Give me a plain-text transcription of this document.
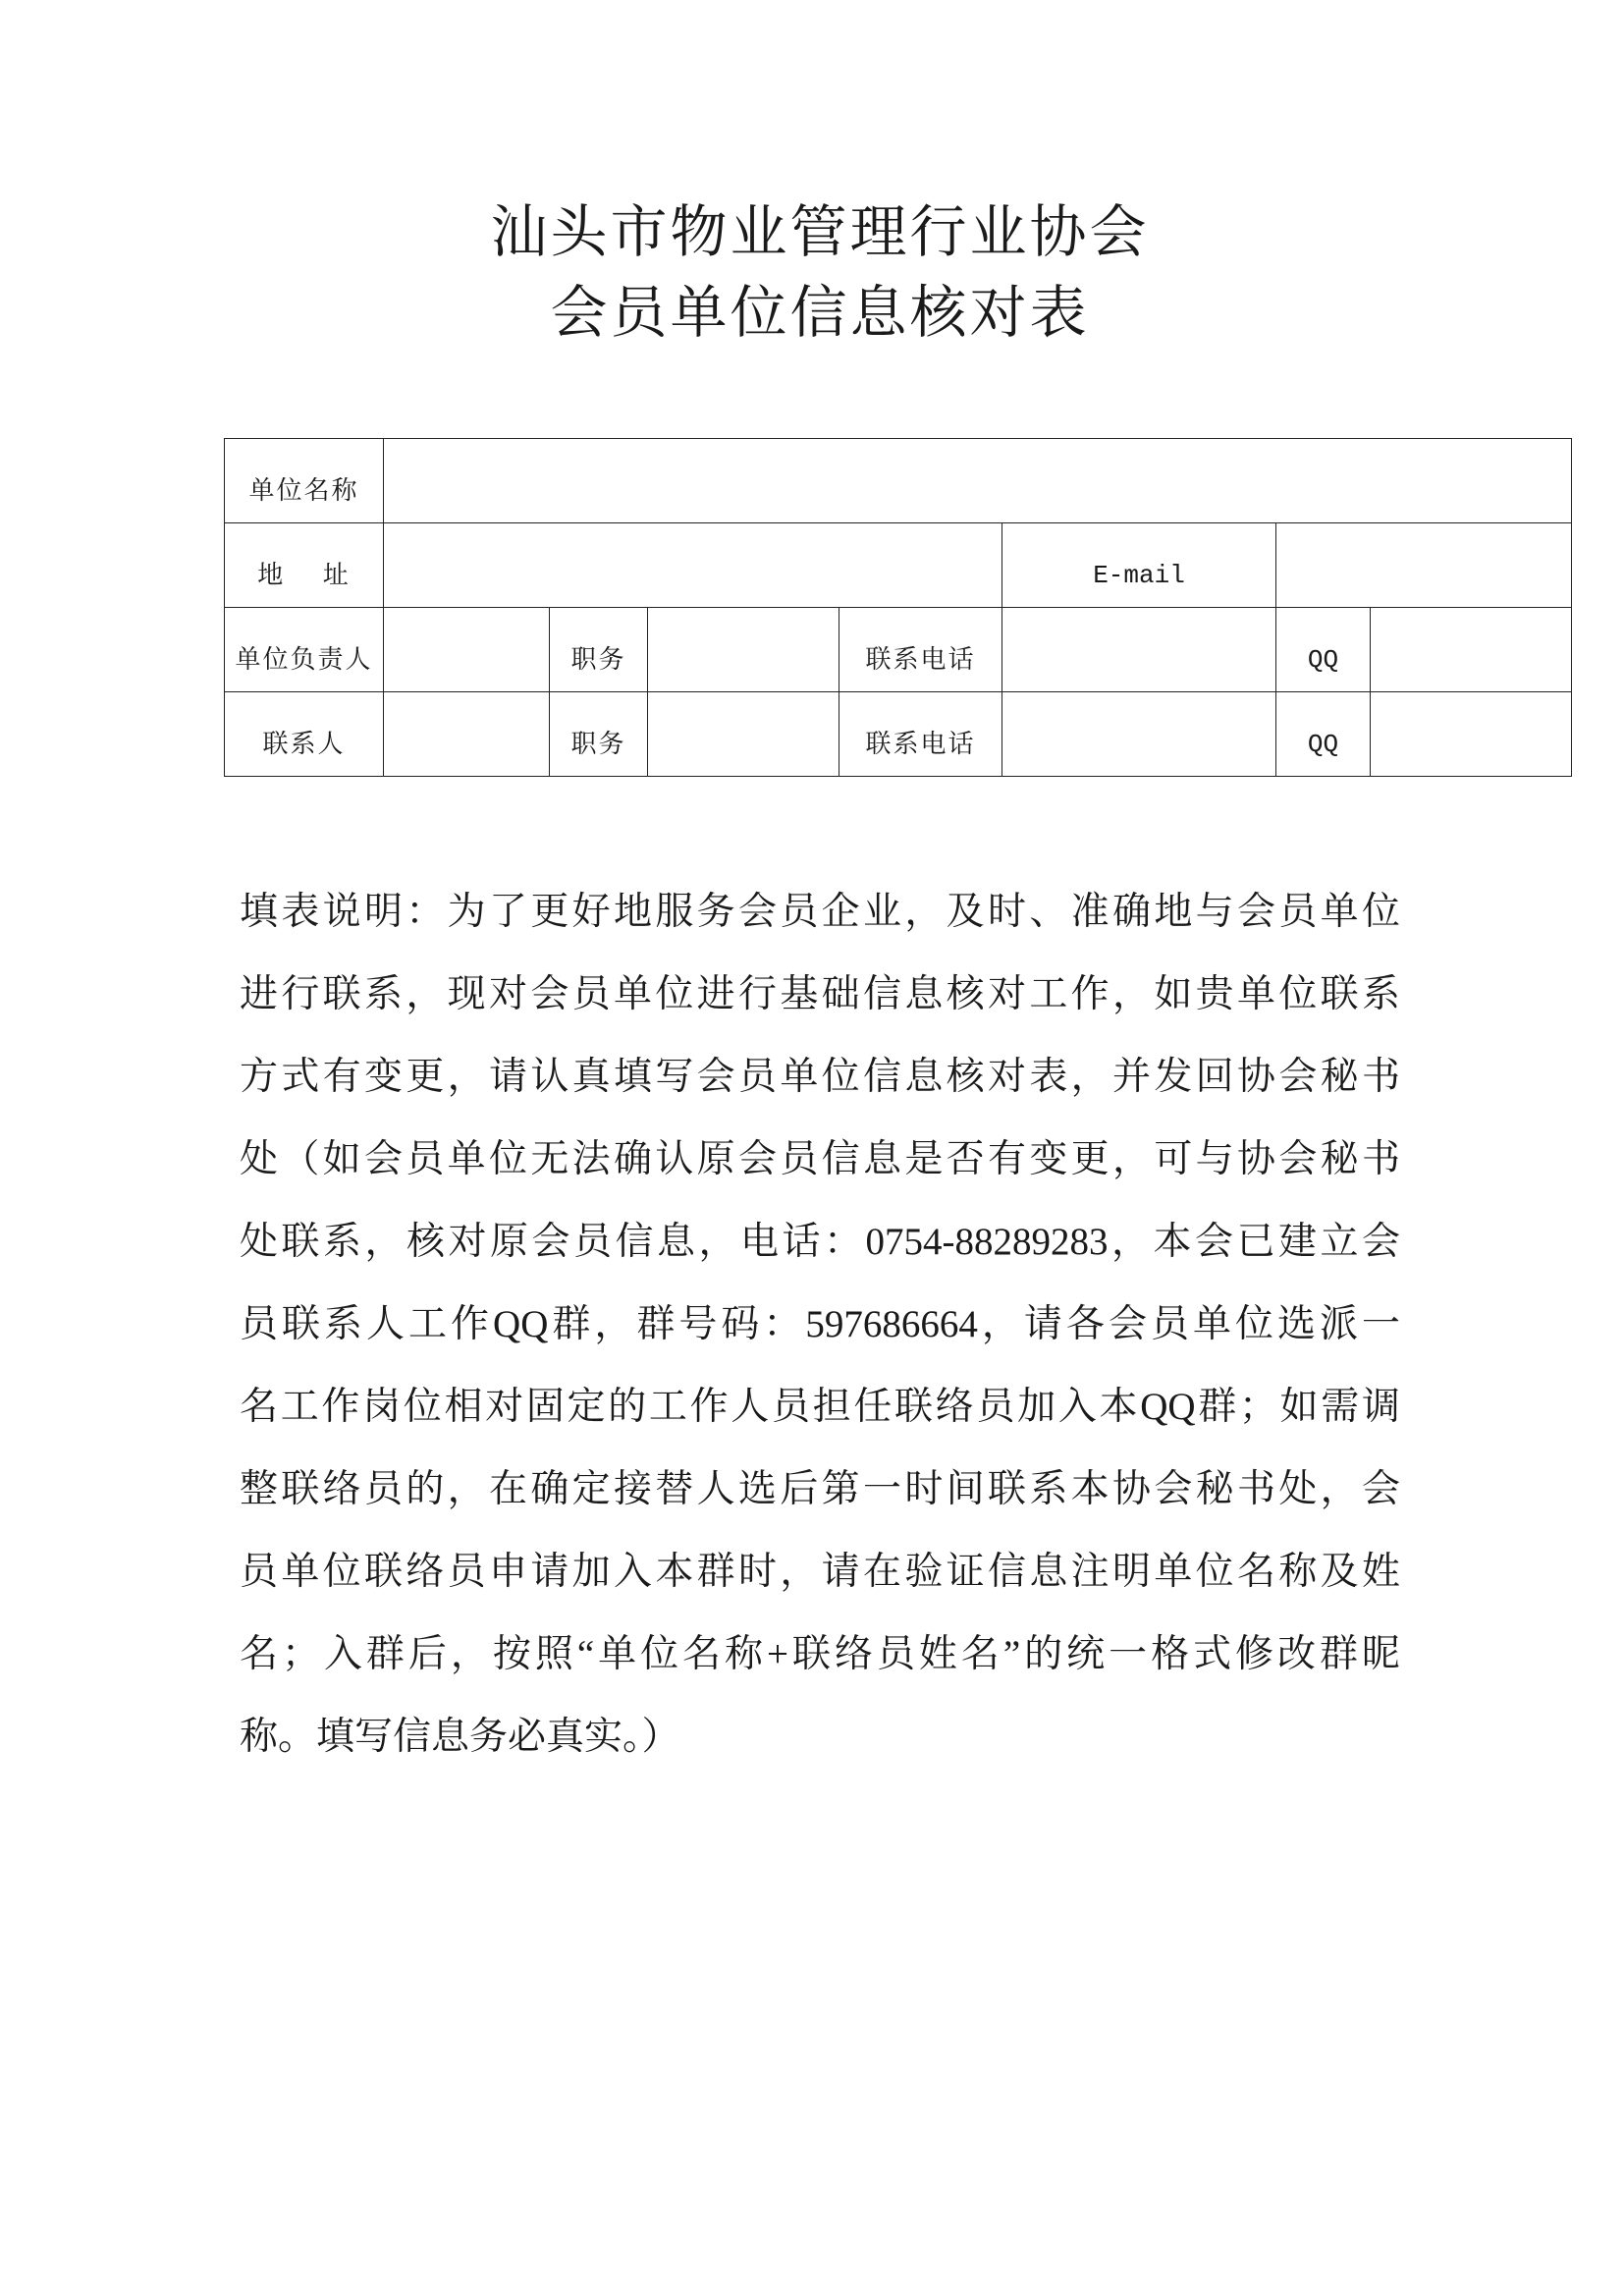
汕头市物业管理行业协会
会员单位信息核对表
单位名称							
地 址					E-mail		
单位负责人		职务		联系电话		QQ	
联系人		职务		联系电话		QQ	
填表说明：为了更好地服务会员企业，及时、准确地与会员单位
进行联系，现对会员单位进行基础信息核对工作，如贵单位联系
方式有变更，请认真填写会员单位信息核对表，并发回协会秘书
处（如会员单位无法确认原会员信息是否有变更，可与协会秘书
处联系，核对原会员信息，电话：0754-88289283，本会已建立会
员联系人工作QQ群，群号码：597686664，请各会员单位选派一
名工作岗位相对固定的工作人员担任联络员加入本QQ群；如需调
整联络员的，在确定接替人选后第一时间联系本协会秘书处，会
员单位联络员申请加入本群时，请在验证信息注明单位名称及姓
名；入群后，按照“单位名称+联络员姓名”的统一格式修改群昵
称。填写信息务必真实。）
